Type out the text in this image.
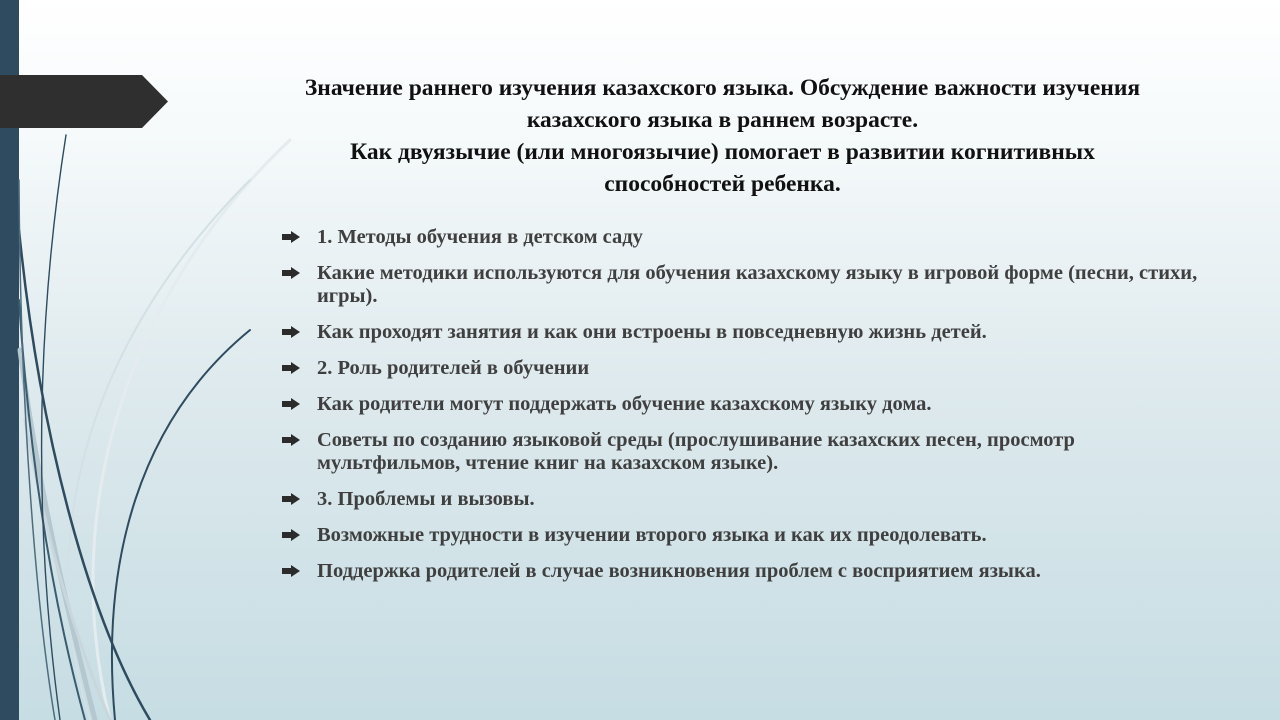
Значение раннего изучения казахского языка. Обсуждение важности изучения
казахского языка в раннем возрасте.
Как двуязычие (или многоязычие) помогает в развитии когнитивных
способностей ребенка.
1. Методы обучения в детском саду
Какие методики используются для обучения казахскому языку в игровой форме (песни, стихи, игры).
Как проходят занятия и как они встроены в повседневную жизнь детей.
2. Роль родителей в обучении
Как родители могут поддержать обучение казахскому языку дома.
Советы по созданию языковой среды (прослушивание казахских песен, просмотр мультфильмов, чтение книг на казахском языке).
3. Проблемы и вызовы.
Возможные трудности в изучении второго языка и как их преодолевать.
Поддержка родителей в случае возникновения проблем с восприятием языка.
